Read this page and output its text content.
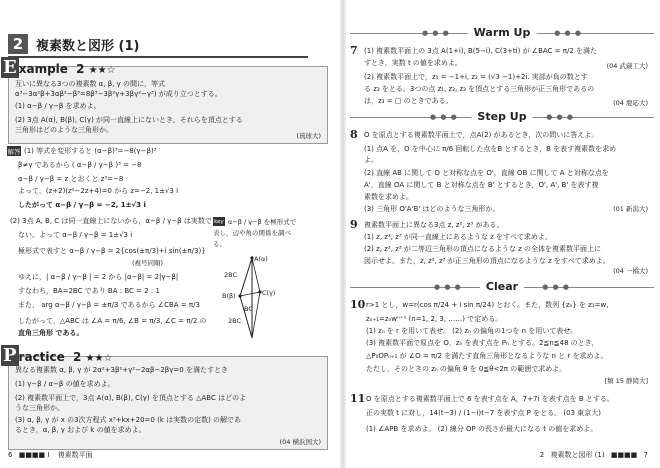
2 複素数と図形 (1)
E xample 2 ★★☆
互いに異なる3つの複素数 α, β, γ の間に，等式
α³−3α²β+3αβ²−β³=8β³−3β²γ+3βγ²−γ³) が成り立つとする。
(1) α−β / γ−β を求めよ。
(2) 3点 A(α), B(β), C(γ) が同一直線上にないとき，それらを頂点とする
三角形はどのような三角形か。
(琉球大)
解答 (1) 等式を変形すると (α−β)³=−8(γ−β)³
β≠γ であるから ( α−β / γ−β )³ = −8
α−β / γ−β = z とおくと z³=−8
よって，(z+2)(z²−2z+4)=0 から z=−2, 1±√3 i
したがって α−β / γ−β = −2, 1±√3 i
(2) 3点 A, B, C は同一直線上にないから，α−β / γ−β は実数で
ない。よって α−β / γ−β = 1±√3 i
極形式で表すと α−β / γ−β = 2{cos(±π/3)+i sin(±π/3)}
(複号同順)
ゆえに，| α−β / γ−β | = 2 から |α−β| = 2|γ−β|
すなわち，BA=2BC であり BA : BC = 2 : 1
また， arg α−β / γ−β = ±π/3 であるから ∠CBA = π/3
したがって，△ABC は ∠A = π/6, ∠B = π/3, ∠C = π/2 の
直角三角形 である。
key α−β / γ−β を極形式で
表し，辺や角の関係を調べ
る。
A(α)
B(β)	C(γ)
2BC
2BC
BC
P ractice 2 ★★☆
異なる複素数 α, β, γ が 2α²+3β²+γ²−2αβ−2βγ=0 を満たすとき
(1) γ−β / α−β の値を求めよ。
(2) 複素数平面上で，3点 A(α), B(β), C(γ) を頂点とする △ABC はどのよ
うな三角形か。
(3) α, β, γ が x の3次方程式 x³+kx+20=0 (k は実数の定数) の解であ
るとき，α, β, γ および k の値を求めよ。
(04 横浜国大)
6 ■■■■ I 複素数平面
● ● ●	● ● ●
Warm Up
7 (1) 複素数平面上の 3点 A(1+i), B(5−i), C(3+ti) が ∠BAC = π/2 を満た
すとき，実数 t の値を求めよ。	(04 武蔵工大)
(2) 複素数平面上で，z₁ = −1+i, z₂ = (√3 −1)+2i. 実部が負の数とす
る z₃ をとる。3つの点 z₁, z₂, z₃ を頂点とする三角形が正三角形であるの
は，z₃ = ▢ のときである。	(04 慶応大)
● ● ●	● ● ●
Step Up
8 O を原点とする複素数平面上で，点A(2) があるとき，次の問いに答えよ。
(1) 点A を，O を中心に π/6 回転した点をB とするとき，B を表す複素数を求め
よ。
(2) 直線 AB に関して O と対称な点を O'，直線 OB に関して A と対称な点を
A'，直線 OA に関して B と対称な点を B' とするとき，O', A', B' を表す複
素数を求めよ。
(3) 三角形 O'A'B' はどのような三角形か。	(01 新潟大)
9 複素数平面上に異なる3点 z, z², z³ がある。
(1) z, z², z³ が同一直線上にあるような z をすべて求めよ。
(2) z, z², z³ が二等辺三角形の頂点になるような z の全体を複素数平面上に
図示せよ。また，z, z², z³ が正三角形の頂点になるような z をすべて求めよ。
(04 一橋大)
● ● ●	● ● ●
Clear
10 r>1 とし，w=r(cos π/24 + i sin π/24) とおく。また，数列 {zₙ} を z₁=w,
zₙ₊₁=zₙwⁿ⁺¹ (n=1, 2, 3, ……) で定める。
(1) zₙ を r を用いて表せ。 (2) zₙ の偏角の1つを n を用いて表せ。
(3) 複素数平面で原点を O，zₙ を表す点を Pₙ とする。2≦n≦48 のとき，
△P₀OPₙ₊₁ が ∠O = π/2 を満たす直角三角形となるような n と r を求めよ。
ただし，そのときの zₙ の偏角 θ を 0≦θ<2π の範囲で求めよ。
[類 15 静岡大]
11 O を原点とする複素数平面上で 6 を表す点を A，7+7i を表す点を B とする。
正の実数 t に対し，14(t−3) / (1−i)t−7 を表す点 P をとる。 (03 東京大)
(1) ∠APB を求めよ。 (2) 線分 OP の長さが最大になる t の値を求めよ。
2 複素数と図形 (1) ■■■■ 7
